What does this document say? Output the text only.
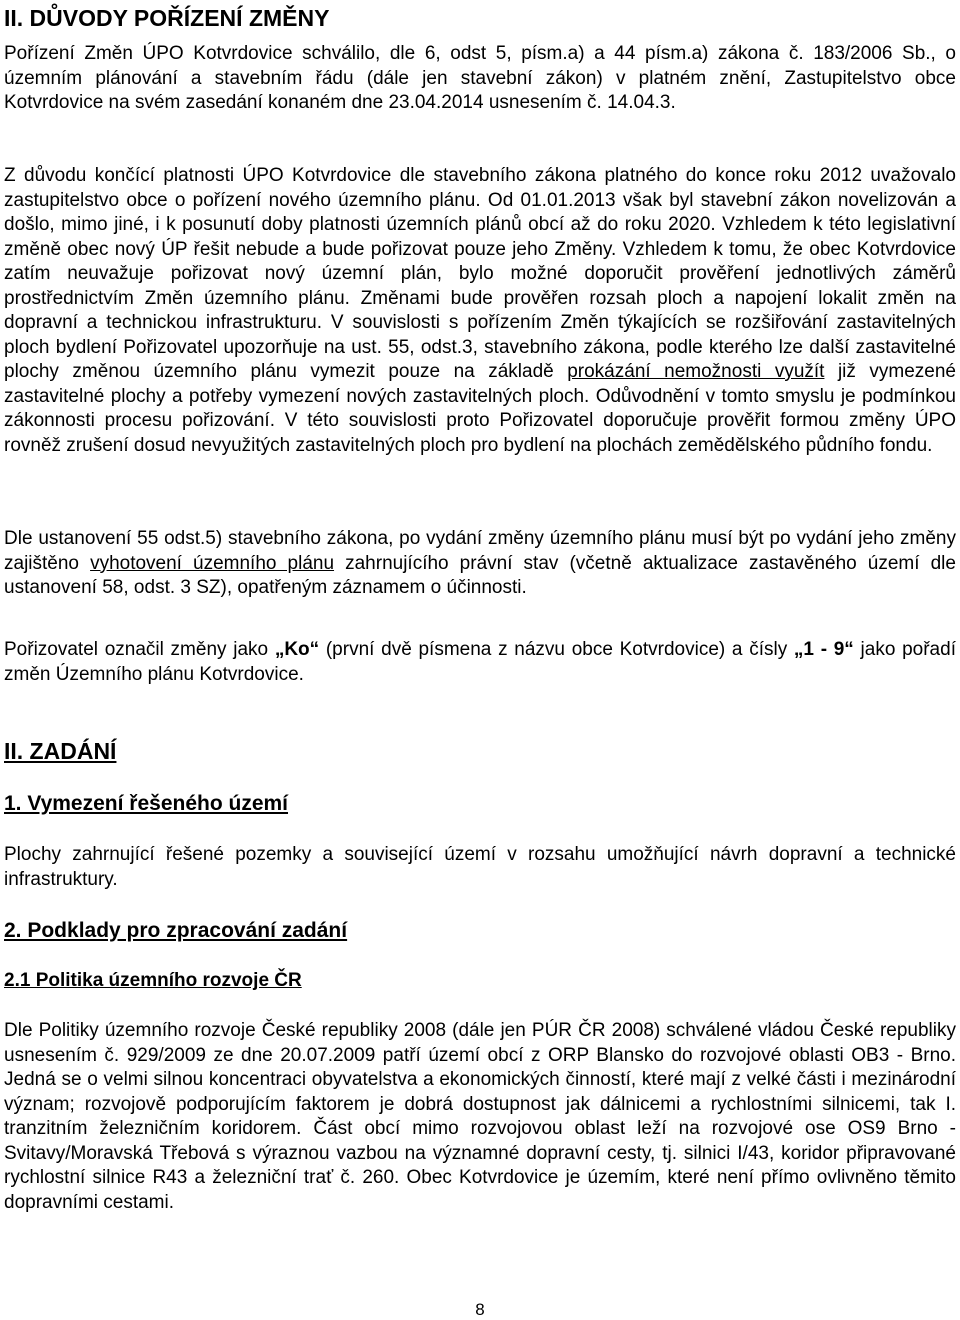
II. DŮVODY POŘÍZENÍ ZMĚNY

Pořízení Změn ÚPO Kotvrdovice schválilo, dle 6, odst 5, písm.a) a 44 písm.a) zákona č. 183/2006 Sb., o územním plánování a stavebním řádu (dále jen stavební zákon) v platném znění, Zastupitelstvo obce Kotvrdovice na svém zasedání konaném dne 23.04.2014 usnesením č. 14.04.3.

Z důvodu končící platnosti ÚPO Kotvrdovice dle stavebního zákona platného do konce roku 2012 uvažovalo zastupitelstvo obce o pořízení nového územního plánu. Od 01.01.2013 však byl stavební zákon novelizován a došlo, mimo jiné, i k posunutí doby platnosti územních plánů obcí až do roku 2020. Vzhledem k této legislativní změně obec nový ÚP řešit nebude a bude pořizovat pouze jeho Změny. Vzhledem k tomu, že obec Kotvrdovice zatím neuvažuje pořizovat nový územní plán, bylo možné doporučit prověření jednotlivých záměrů prostřednictvím Změn územního plánu. Změnami bude prověřen rozsah ploch a napojení lokalit změn na dopravní a technickou infrastrukturu. V souvislosti s pořízením Změn týkajících se rozšiřování zastavitelných ploch bydlení Pořizovatel upozorňuje na ust. 55, odst.3, stavebního zákona, podle kterého lze další zastavitelné plochy změnou územního plánu vymezit pouze na základě prokázání nemožnosti využít již vymezené zastavitelné plochy a potřeby vymezení nových zastavitelných ploch. Odůvodnění v tomto smyslu je podmínkou zákonnosti procesu pořizování. V této souvislosti proto Pořizovatel doporučuje prověřit formou změny ÚPO rovněž zrušení dosud nevyužitých zastavitelných ploch pro bydlení na plochách zemědělského půdního fondu.

Dle ustanovení 55 odst.5) stavebního zákona, po vydání změny územního plánu musí být po vydání jeho změny zajištěno vyhotovení územního plánu zahrnujícího právní stav (včetně aktualizace zastavěného území dle ustanovení 58, odst. 3 SZ), opatřeným záznamem o účinnosti.

Pořizovatel označil změny jako „Ko“ (první dvě písmena z názvu obce Kotvrdovice) a čísly „1 - 9“ jako pořadí změn Územního plánu Kotvrdovice.

II. ZADÁNÍ
1. Vymezení řešeného území

Plochy zahrnující řešené pozemky a související území v rozsahu umožňující návrh dopravní a technické infrastruktury.

2. Podklady pro zpracování zadání
2.1 Politika územního rozvoje ČR

Dle Politiky územního rozvoje České republiky 2008 (dále jen PÚR ČR 2008) schválené vládou České republiky usnesením č. 929/2009 ze dne 20.07.2009 patří území obcí z ORP Blansko do rozvojové oblasti OB3 - Brno. Jedná se o velmi silnou koncentraci obyvatelstva a ekonomických činností, které mají z velké části i mezinárodní význam; rozvojově podporujícím faktorem je dobrá dostupnost jak dálnicemi a rychlostními silnicemi, tak I. tranzitním železničním koridorem. Část obcí mimo rozvojovou oblast leží na rozvojové ose OS9 Brno - Svitavy/Moravská Třebová s výraznou vazbou na významné dopravní cesty, tj. silnici I/43, koridor připravované rychlostní silnice R43 a železniční trať č. 260. Obec Kotvrdovice je územím, které není přímo ovlivněno těmito dopravními cestami.

8
